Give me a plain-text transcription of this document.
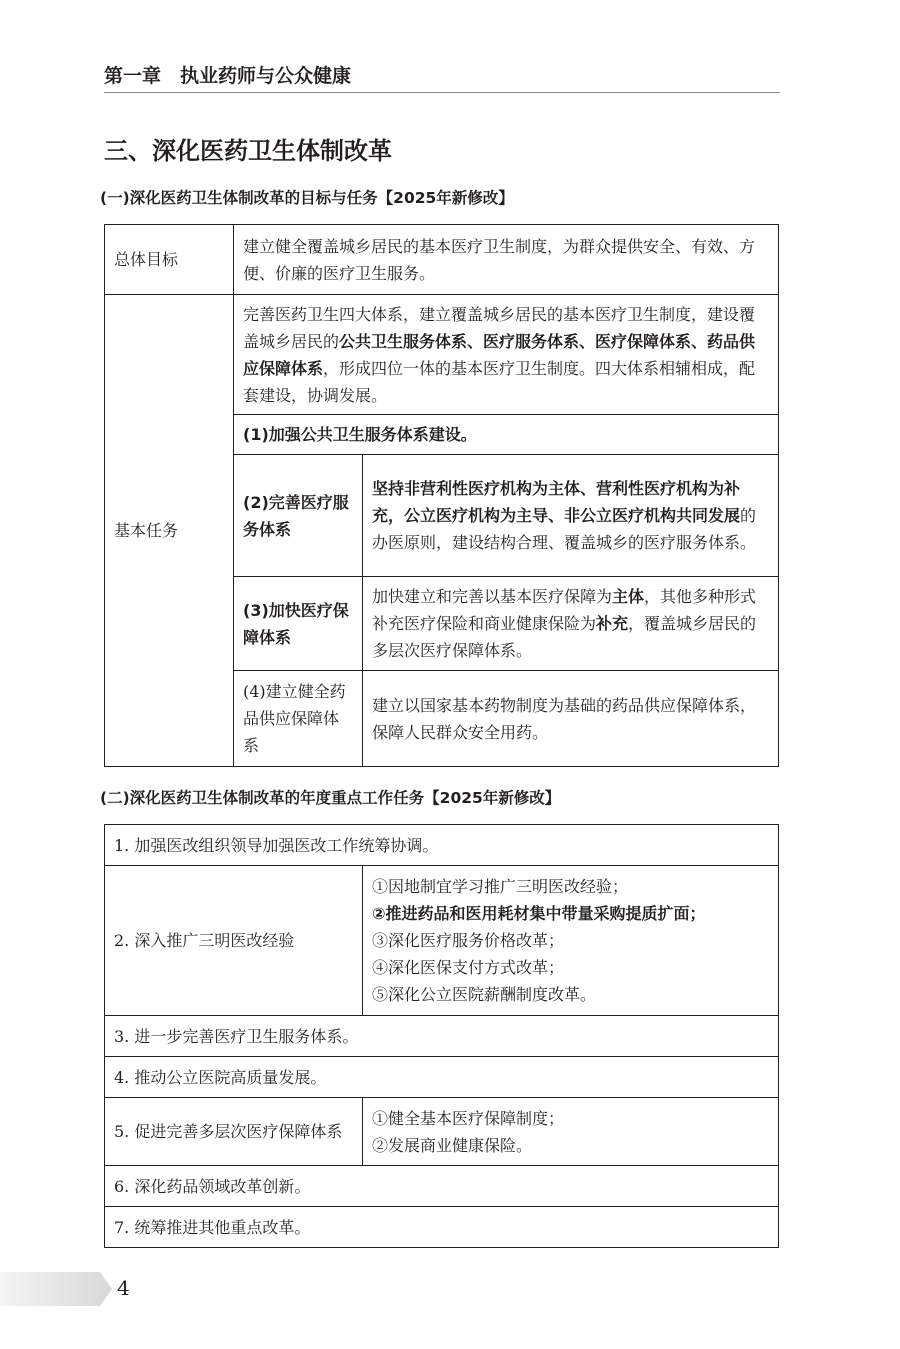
第一章　执业药师与公众健康
三、深化医药卫生体制改革
(一)深化医药卫生体制改革的目标与任务【2025年新修改】
总体目标	建立健全覆盖城乡居民的基本医疗卫生制度，为群众提供安全、有效、方便、价廉的医疗卫生服务。	
基本任务	完善医药卫生四大体系，建立覆盖城乡居民的基本医疗卫生制度，建设覆盖城乡居民的公共卫生服务体系、医疗服务体系、医疗保障体系、药品供应保障体系，形成四位一体的基本医疗卫生制度。四大体系相辅相成，配套建设，协调发展。	
	(1)加强公共卫生服务体系建设。	
	(2)完善医疗服务体系	坚持非营利性医疗机构为主体、营利性医疗机构为补充，公立医疗机构为主导、非公立医疗机构共同发展的办医原则，建设结构合理、覆盖城乡的医疗服务体系。
	(3)加快医疗保障体系	加快建立和完善以基本医疗保障为主体，其他多种形式补充医疗保险和商业健康保险为补充，覆盖城乡居民的多层次医疗保障体系。
	(4)建立健全药品供应保障体系	建立以国家基本药物制度为基础的药品供应保障体系，保障人民群众安全用药。
(二)深化医药卫生体制改革的年度重点工作任务【2025年新修改】
1. 加强医改组织领导加强医改工作统筹协调。	
2. 深入推广三明医改经验	①因地制宜学习推广三明医改经验；
②推进药品和医用耗材集中带量采购提质扩面；
③深化医疗服务价格改革；
④深化医保支付方式改革；
⑤深化公立医院薪酬制度改革。

3. 进一步完善医疗卫生服务体系。	
4. 推动公立医院高质量发展。	
5. 促进完善多层次医疗保障体系	①健全基本医疗保障制度；
②发展商业健康保险。

6. 深化药品领域改革创新。	
7. 统筹推进其他重点改革。	
4
